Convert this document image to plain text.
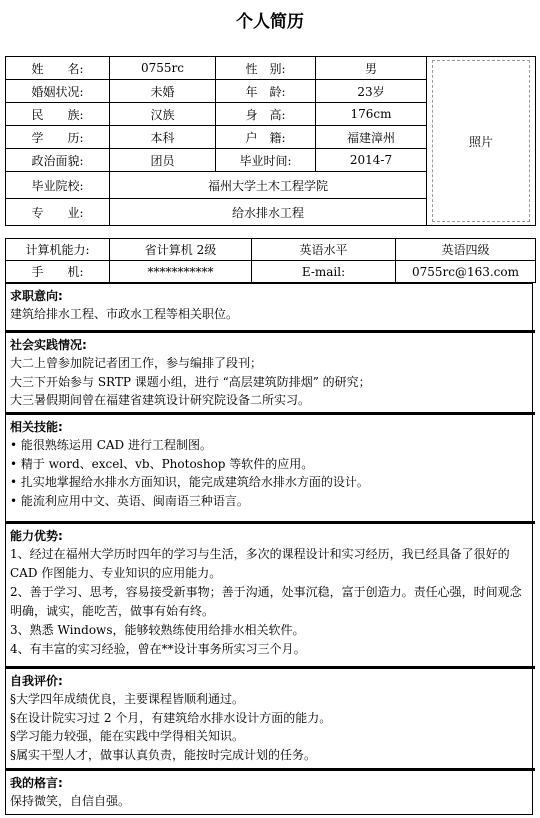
个人简历
姓　　名:	0755rc	性　别:	男	照片

婚姻状况:	未婚	年　龄:	23岁	
民　　族:	汉族	身　高:	176cm	
学　　历:	本科	户　籍:	福建漳州	
政治面貌:	团员	毕业时间:	2014-7	
毕业院校:	福州大学土木工程学院			
专　　业:	给水排水工程			
计算机能力:	省计算机 2级	英语水平	英语四级
手　　机:	***********	E-mail:	0755rc@163.com
求职意向:
建筑给排水工程、市政水工程等相关职位。
社会实践情况:
大二上曾参加院记者团工作，参与编排了段刊；
大三下开始参与 SRTP 课题小组，进行 “高层建筑防排烟” 的研究；
大三暑假期间曾在福建省建筑设计研究院设备二所实习。
相关技能:
• 能很熟练运用 CAD 进行工程制图。
• 精于 word、excel、vb、Photoshop 等软件的应用。
• 扎实地掌握给水排水方面知识，能完成建筑给水排水方面的设计。
• 能流利应用中文、英语、闽南语三种语言。
能力优势:
1、经过在福州大学历时四年的学习与生活，多次的课程设计和实习经历，我已经具备了很好的 CAD 作图能力、专业知识的应用能力。
2、善于学习、思考，容易接受新事物；善于沟通，处事沉稳，富于创造力。责任心强，时间观念明确，诚实，能吃苦，做事有始有终。
3、熟悉 Windows，能够较熟练使用给排水相关软件。
4、有丰富的实习经验，曾在**设计事务所实习三个月。
自我评价:
§大学四年成绩优良，主要课程皆顺利通过。
§在设计院实习过 2 个月，有建筑给水排水设计方面的能力。
§学习能力较强，能在实践中学得相关知识。
§属实干型人才，做事认真负责，能按时完成计划的任务。
我的格言:
保持微笑，自信自强。
